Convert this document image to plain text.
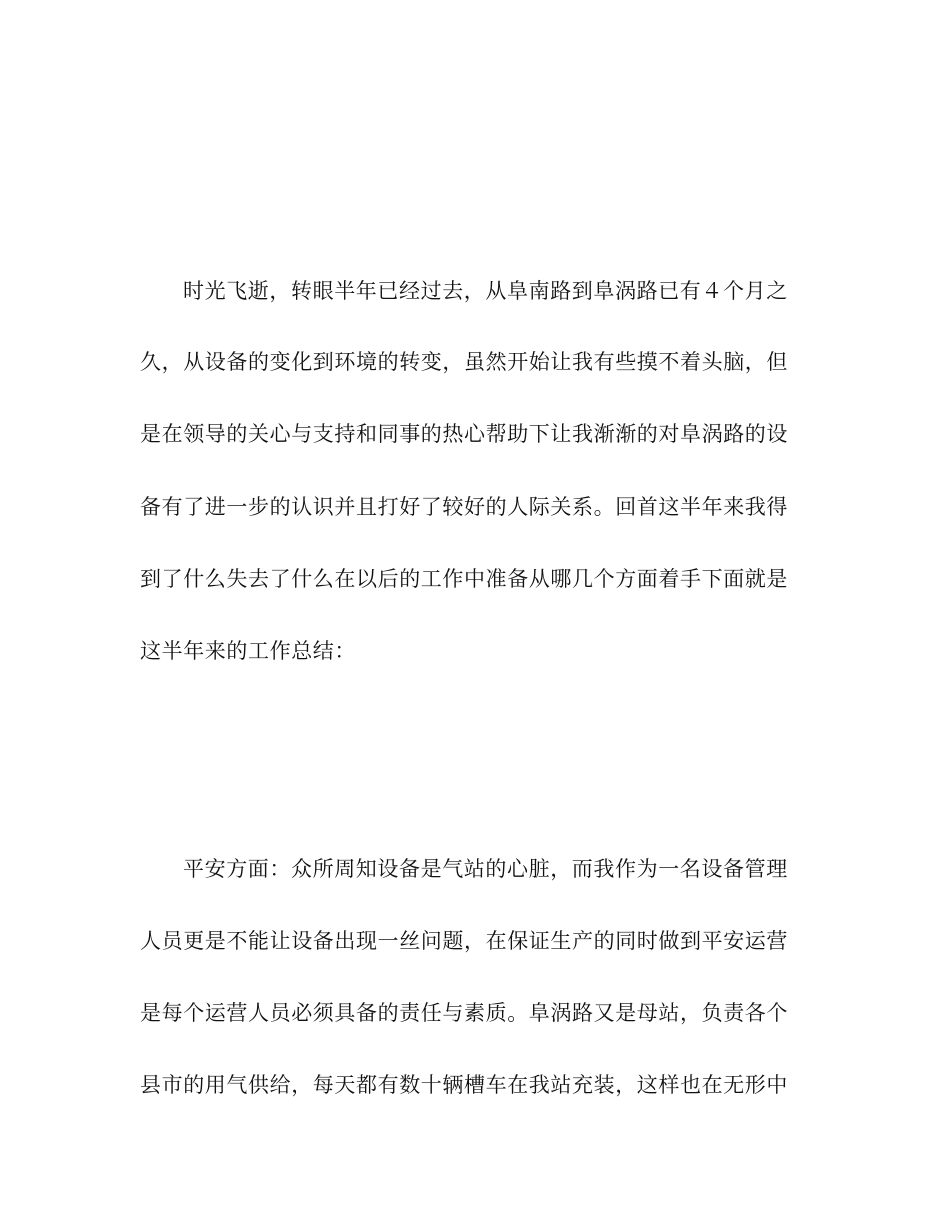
时光飞逝，转眼半年已经过去，从阜南路到阜涡路已有４个月之
久，从设备的变化到环境的转变，虽然开始让我有些摸不着头脑，但
是在领导的关心与支持和同事的热心帮助下让我渐渐的对阜涡路的设
备有了进一步的认识并且打好了较好的人际关系。回首这半年来我得
到了什么失去了什么在以后的工作中准备从哪几个方面着手下面就是
这半年来的工作总结：
平安方面：众所周知设备是气站的心脏，而我作为一名设备管理
人员更是不能让设备出现一丝问题，在保证生产的同时做到平安运营
是每个运营人员必须具备的责任与素质。阜涡路又是母站，负责各个
县市的用气供给，每天都有数十辆槽车在我站充装，这样也在无形中
